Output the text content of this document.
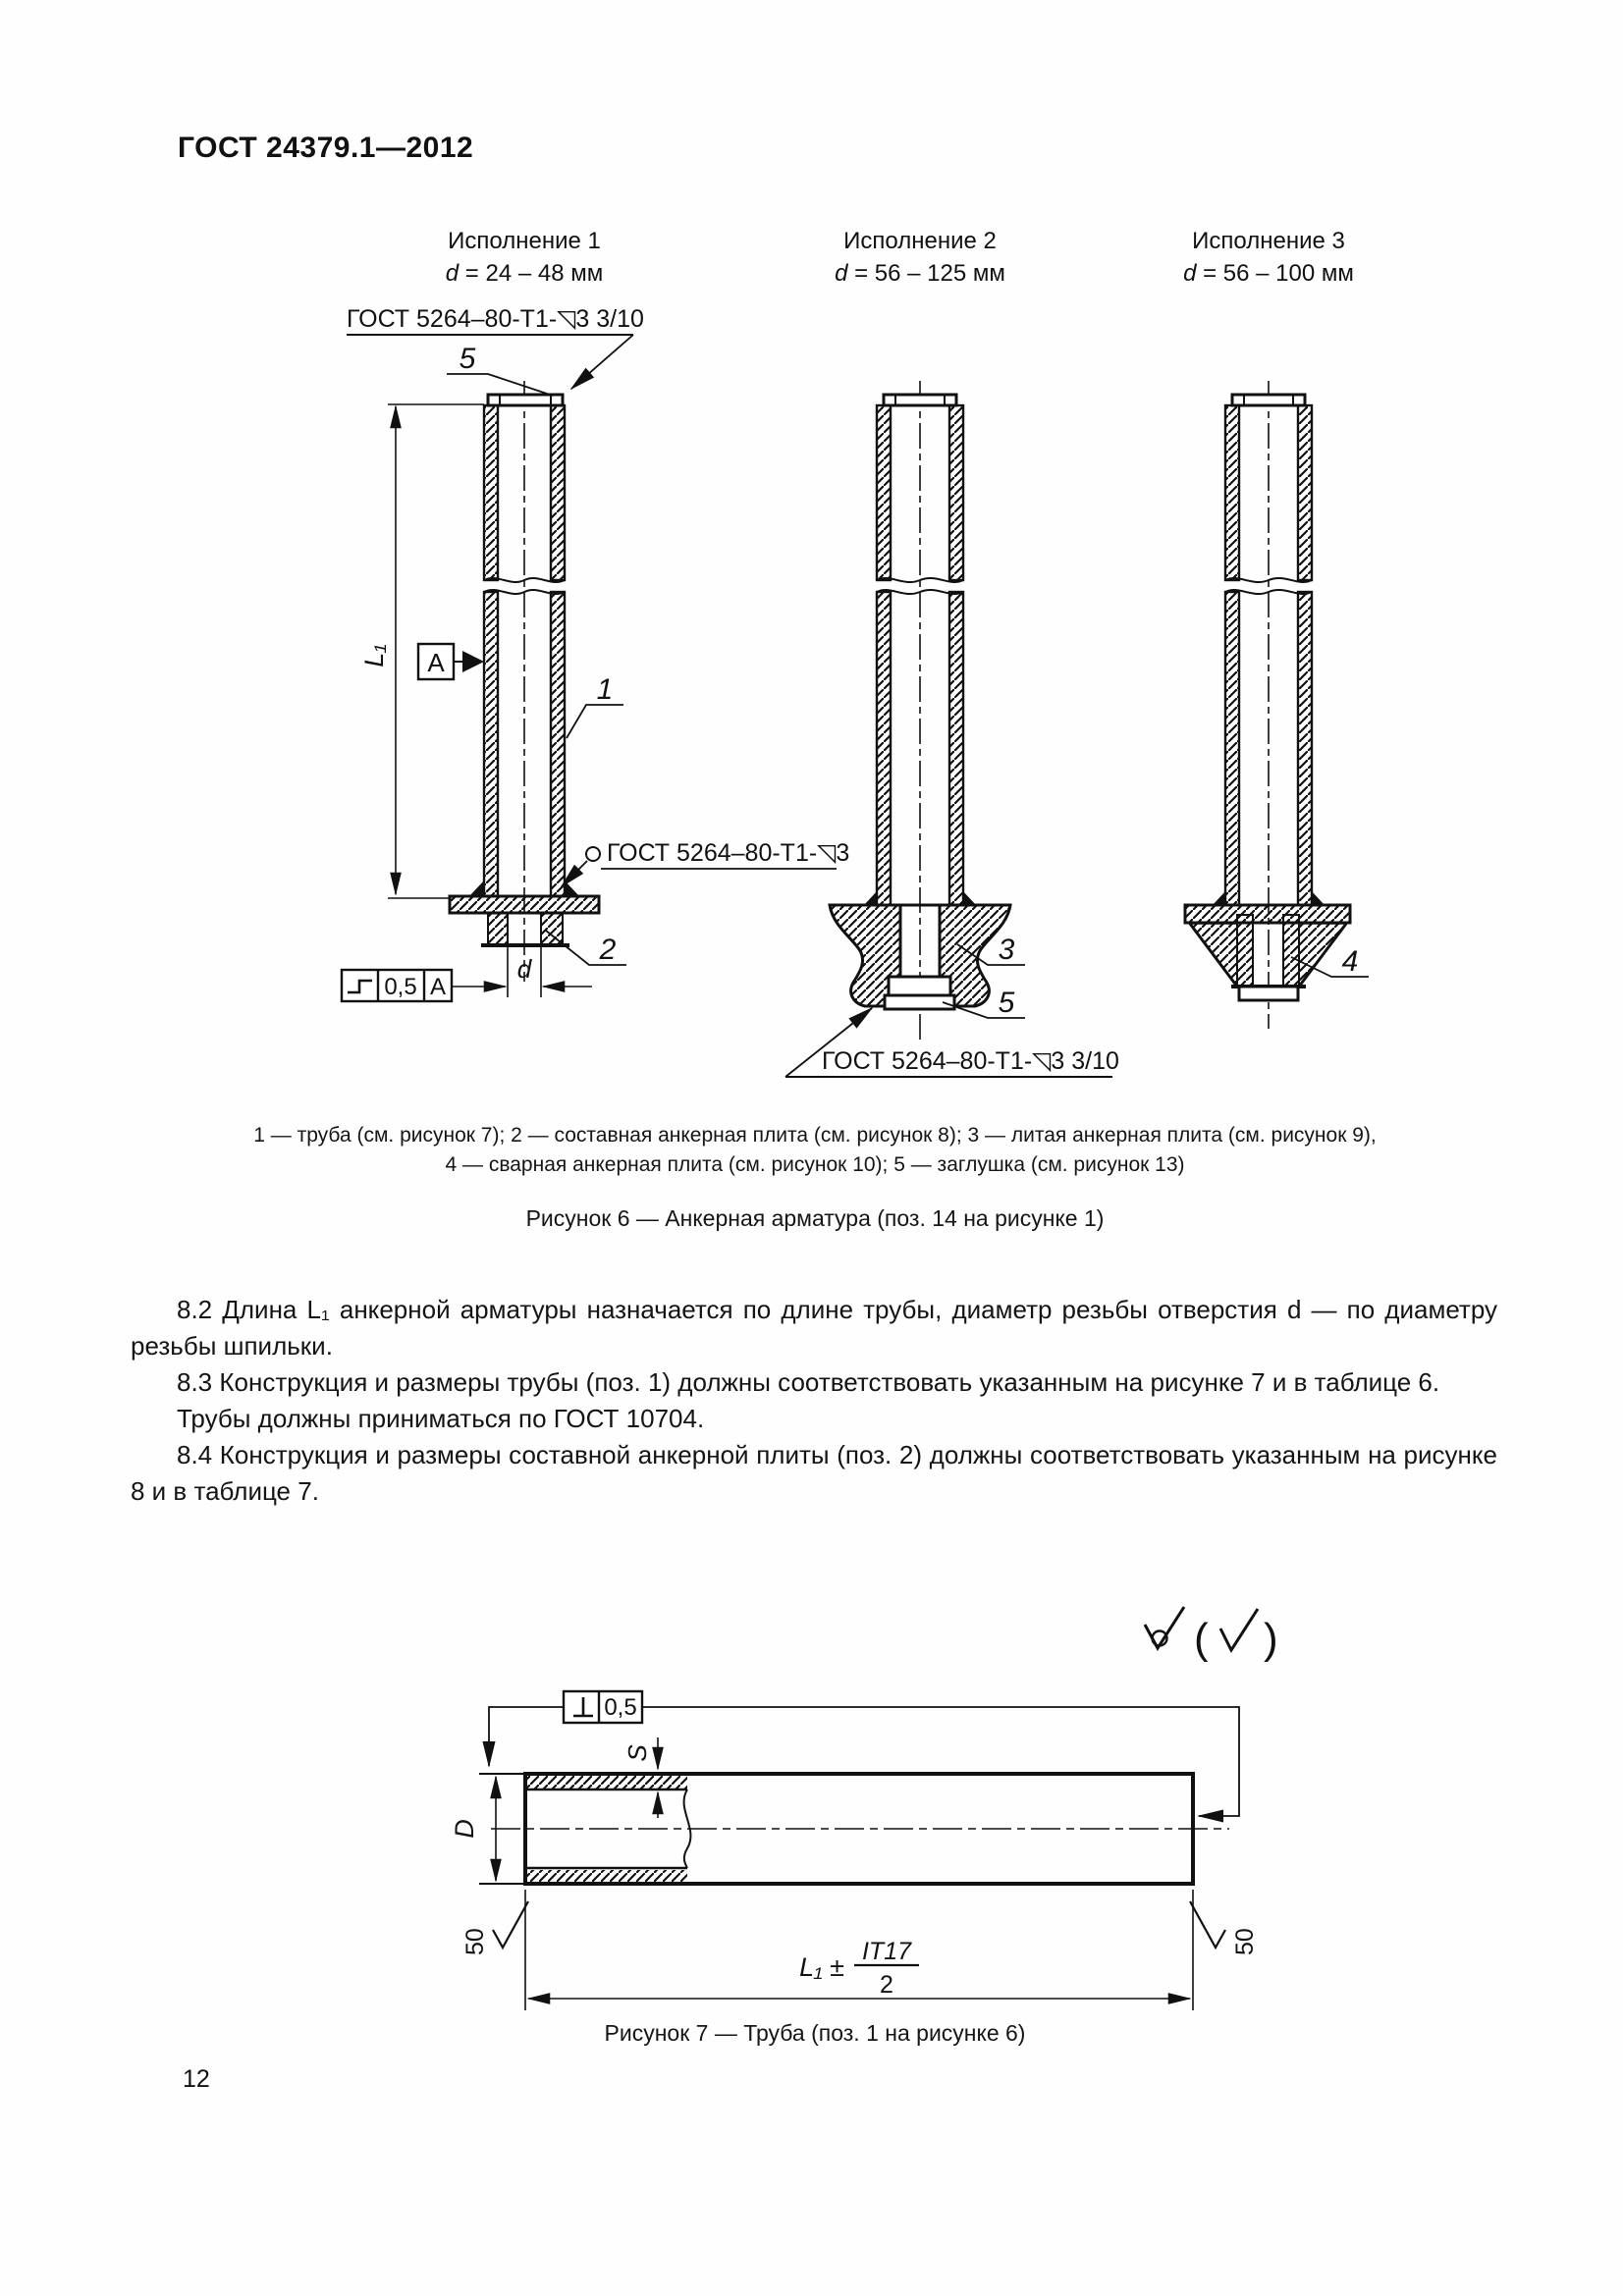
ГОСТ 24379.1—2012
Исполнение 1
d = 24 – 48 мм
Исполнение 2
d = 56 – 125 мм
Исполнение 3
d = 56 – 100 мм
d
0,5 А
L₁ А
1
5
ГОСТ 5264–80-Т1-◹3 3/10
ГОСТ 5264–80-Т1-◹3
2	3
5
ГОСТ 5264–80-Т1-◹3 3/10
4
( )
0,5
S
D
50	50
L₁ ±
IT17
2
1 — труба (см. рисунок 7); 2 — составная анкерная плита (см. рисунок 8); 3 — литая анкерная плита (см. рисунок 9),
4 — сварная анкерная плита (см. рисунок 10); 5 — заглушка (см. рисунок 13)
Рисунок 6 — Анкерная арматура (поз. 14 на рисунке 1)

8.2 Длина L₁ анкерной арматуры назначается по длине трубы, диаметр резьбы отверстия d — по диаметру резьбы шпильки.

8.3 Конструкция и размеры трубы (поз. 1) должны соответствовать указанным на рисунке 7 и в таблице 6.

Трубы должны приниматься по ГОСТ 10704.

8.4 Конструкция и размеры составной анкерной плиты (поз. 2) должны соответствовать указанным на рисунке 8 и в таблице 7.

Рисунок 7 — Труба (поз. 1 на рисунке 6)
12
